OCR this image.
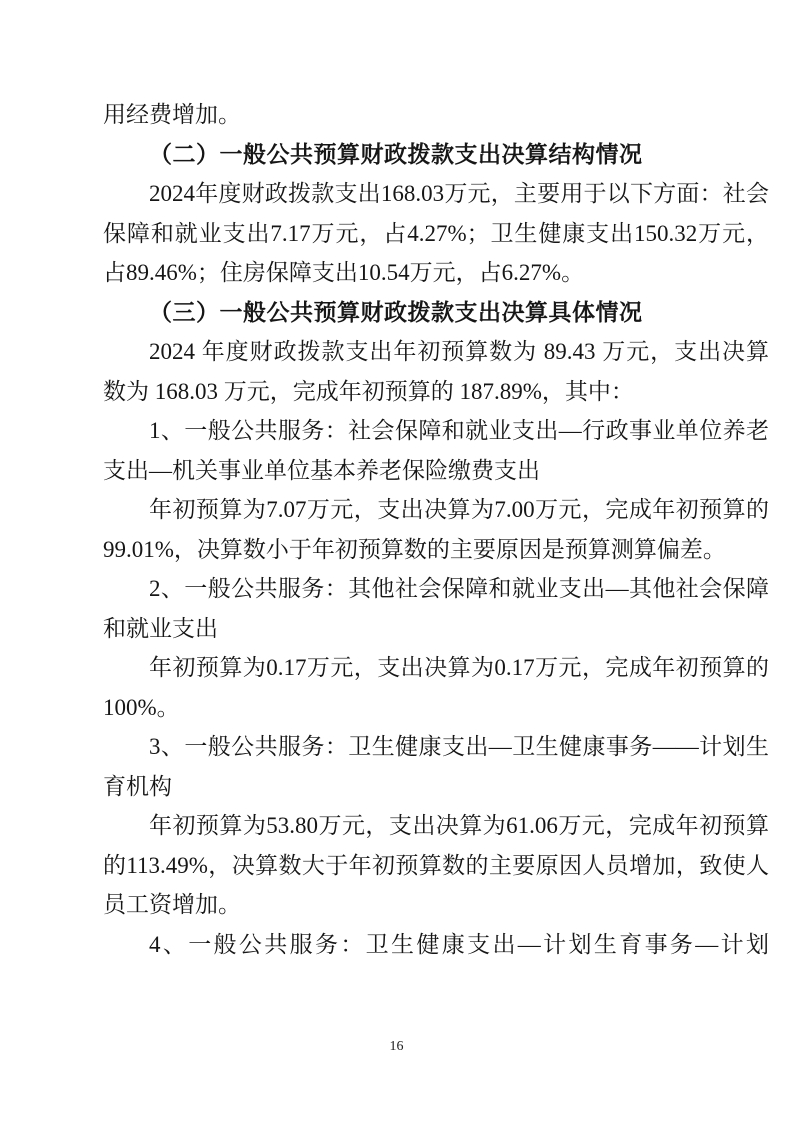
用经费增加。

（二）一般公共预算财政拨款支出决算结构情况

2024年度财政拨款支出168.03万元，主要用于以下方面：社会保障和就业支出7.17万元，占4.27%；卫生健康支出150.32万元，占89.46%；住房保障支出10.54万元，占6.27%。

（三）一般公共预算财政拨款支出决算具体情况

2024 年度财政拨款支出年初预算数为 89.43 万元，支出决算数为 168.03 万元，完成年初预算的 187.89%，其中：

1、一般公共服务：社会保障和就业支出—行政事业单位养老支出—机关事业单位基本养老保险缴费支出

年初预算为7.07万元，支出决算为7.00万元，完成年初预算的99.01%，决算数小于年初预算数的主要原因是预算测算偏差。

2、一般公共服务：其他社会保障和就业支出—其他社会保障和就业支出

年初预算为0.17万元，支出决算为0.17万元，完成年初预算的100%。

3、一般公共服务：卫生健康支出—卫生健康事务——计划生育机构

年初预算为53.80万元，支出决算为61.06万元，完成年初预算的113.49%，决算数大于年初预算数的主要原因人员增加，致使人员工资增加。

4、一般公共服务：卫生健康支出—计划生育事务—计划

16
